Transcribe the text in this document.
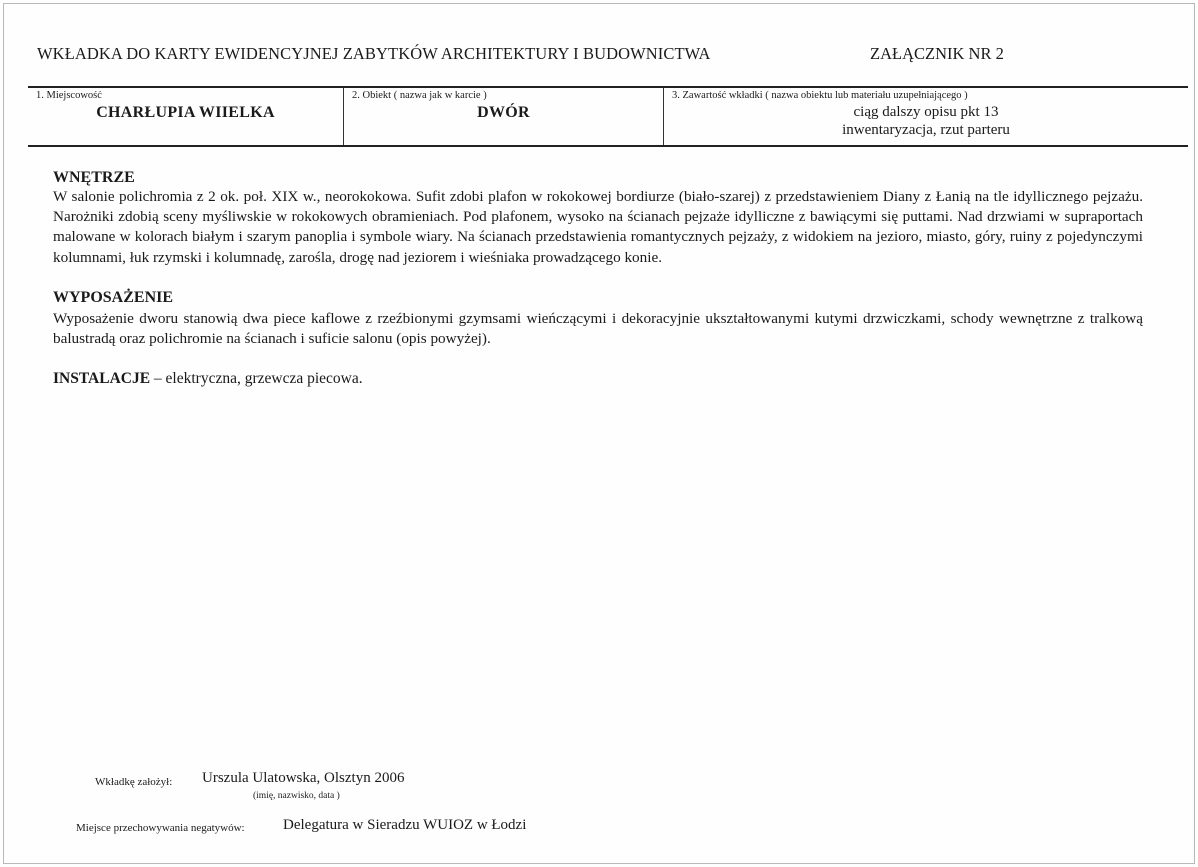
WKŁADKA DO KARTY EWIDENCYJNEJ ZABYTKÓW ARCHITEKTURY I BUDOWNICTWA	ZAŁĄCZNIK NR 2
1. Miejscowość
CHARŁUPIA WIIELKA
2. Obiekt ( nazwa jak w karcie )
DWÓR
3. Zawartość wkładki ( nazwa obiektu lub materiału uzupełniającego )
ciąg dalszy opisu pkt 13
inwentaryzacja, rzut parteru
WNĘTRZE
W salonie polichromia z 2 ok. poł. XIX w., neorokokowa. Sufit zdobi plafon w rokokowej bordiurze (biało-szarej) z przedstawieniem Diany z Łanią na tle idyllicznego pejzażu. Narożniki zdobią sceny myśliwskie w rokokowych obramieniach. Pod plafonem, wysoko na ścianach pejzaże idylliczne z bawiącymi się puttami. Nad drzwiami w supraportach malowane w kolorach białym i szarym panoplia i symbole wiary. Na ścianach przedstawienia romantycznych pejzaży, z widokiem na jezioro, miasto, góry, ruiny z pojedynczymi kolumnami, łuk rzymski i kolumnadę, zarośla, drogę nad jeziorem i wieśniaka prowadzącego konie.
WYPOSAŻENIE
Wyposażenie dworu stanowią dwa piece kaflowe z rzeźbionymi gzymsami wieńczącymi i dekoracyjnie ukształtowanymi kutymi drzwiczkami, schody wewnętrzne z tralkową balustradą oraz polichromie na ścianach i suficie salonu (opis powyżej).
INSTALACJE – elektryczna, grzewcza piecowa.
Wkładkę założył: Urszula Ulatowska, Olsztyn 2006
(imię, nazwisko, data )
Miejsce przechowywania negatywów:	Delegatura w Sieradzu WUIOZ w Łodzi
